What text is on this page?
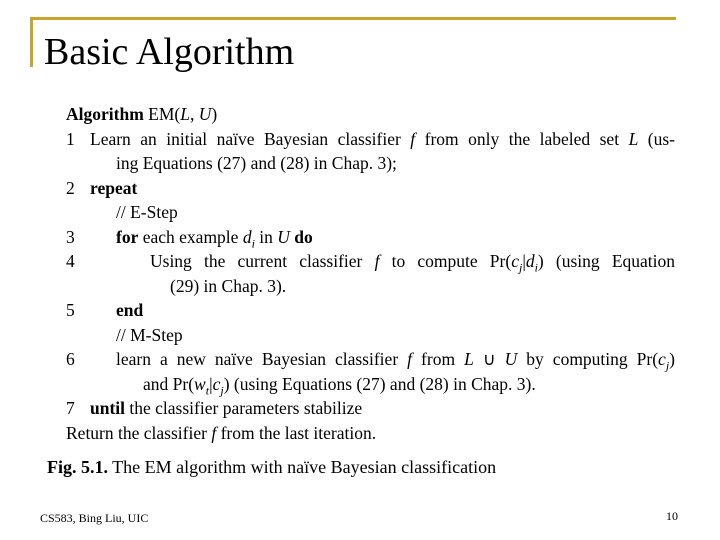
Basic Algorithm
Algorithm EM(L, U)
1 Learn an initial naïve Bayesian classifier f from only the labeled set L (us-
ing Equations (27) and (28) in Chap. 3);
2 repeat
// E-Step
3 for each example $d_i$ in U do
4	Using the current classifier f to compute $Pr(c_j|d_i)$ (using Equation
(29) in Chap. 3).
5 end
// M-Step
6 learn a new naïve Bayesian classifier f from L ∪ U by computing $Pr(c_j)$
and $Pr(w_t|c_j)$ (using Equations (27) and (28) in Chap. 3).
7 until the classifier parameters stabilize
Return the classifier f from the last iteration.
Fig. 5.1. The EM algorithm with naïve Bayesian classification
CS583, Bing Liu, UIC	10
